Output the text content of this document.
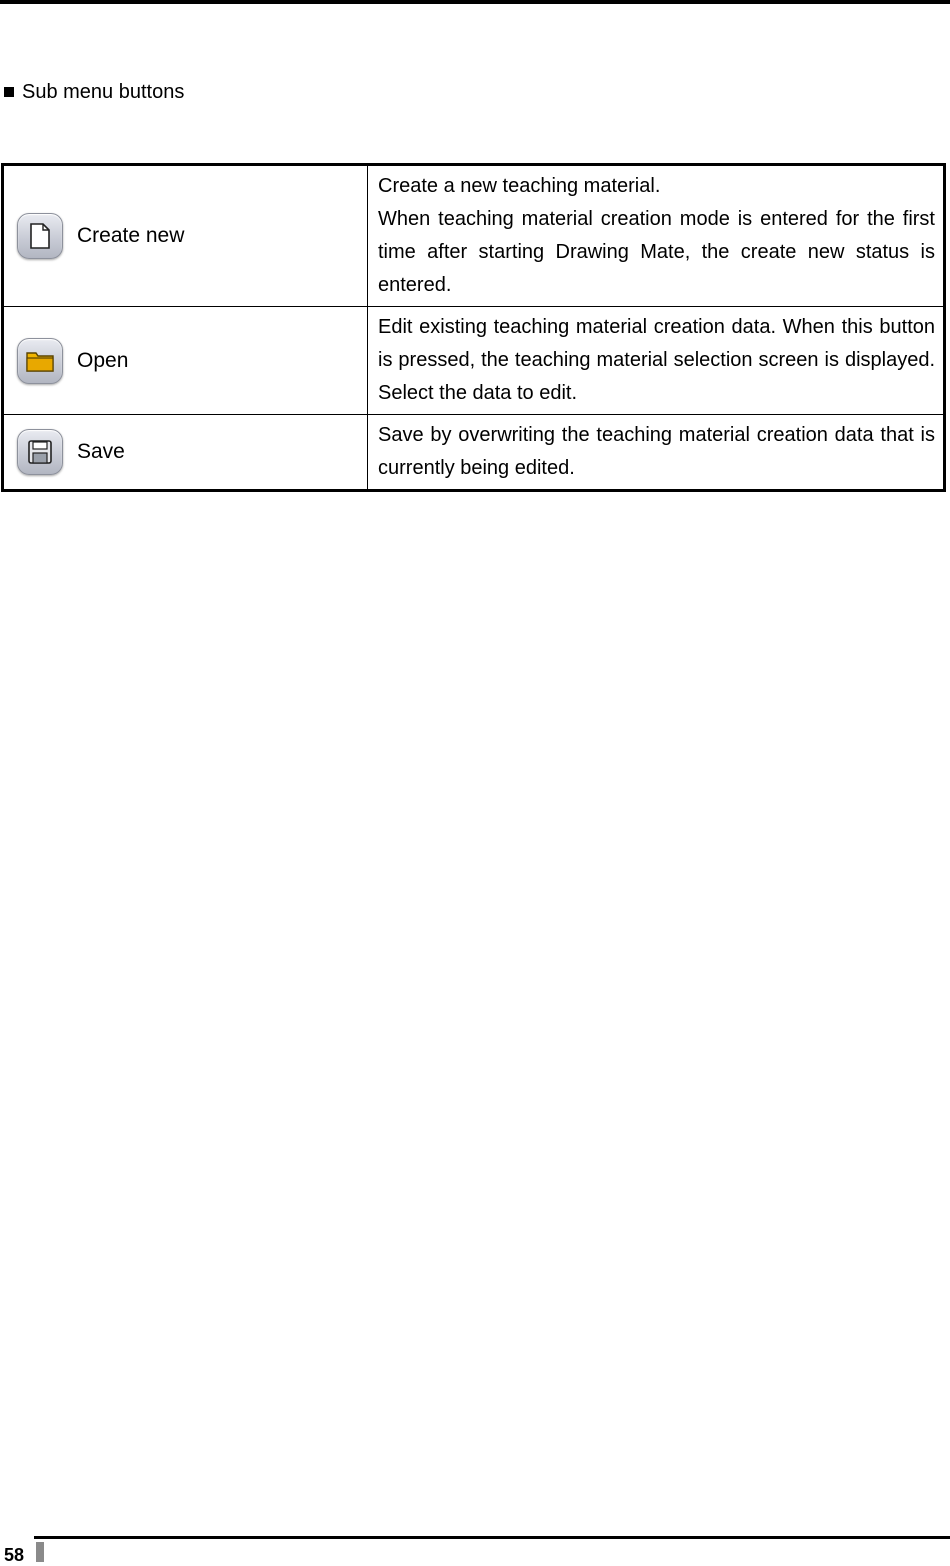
Sub menu buttons
Create new	Create a new teaching material.
When teaching material creation mode is entered for the first time after starting Drawing Mate, the create new status is entered.

Open	Edit existing teaching material creation data. When this button is pressed, the teaching material selection screen is displayed. Select the data to edit.

Save	Save by overwriting the teaching material creation data that is currently being edited.
58
